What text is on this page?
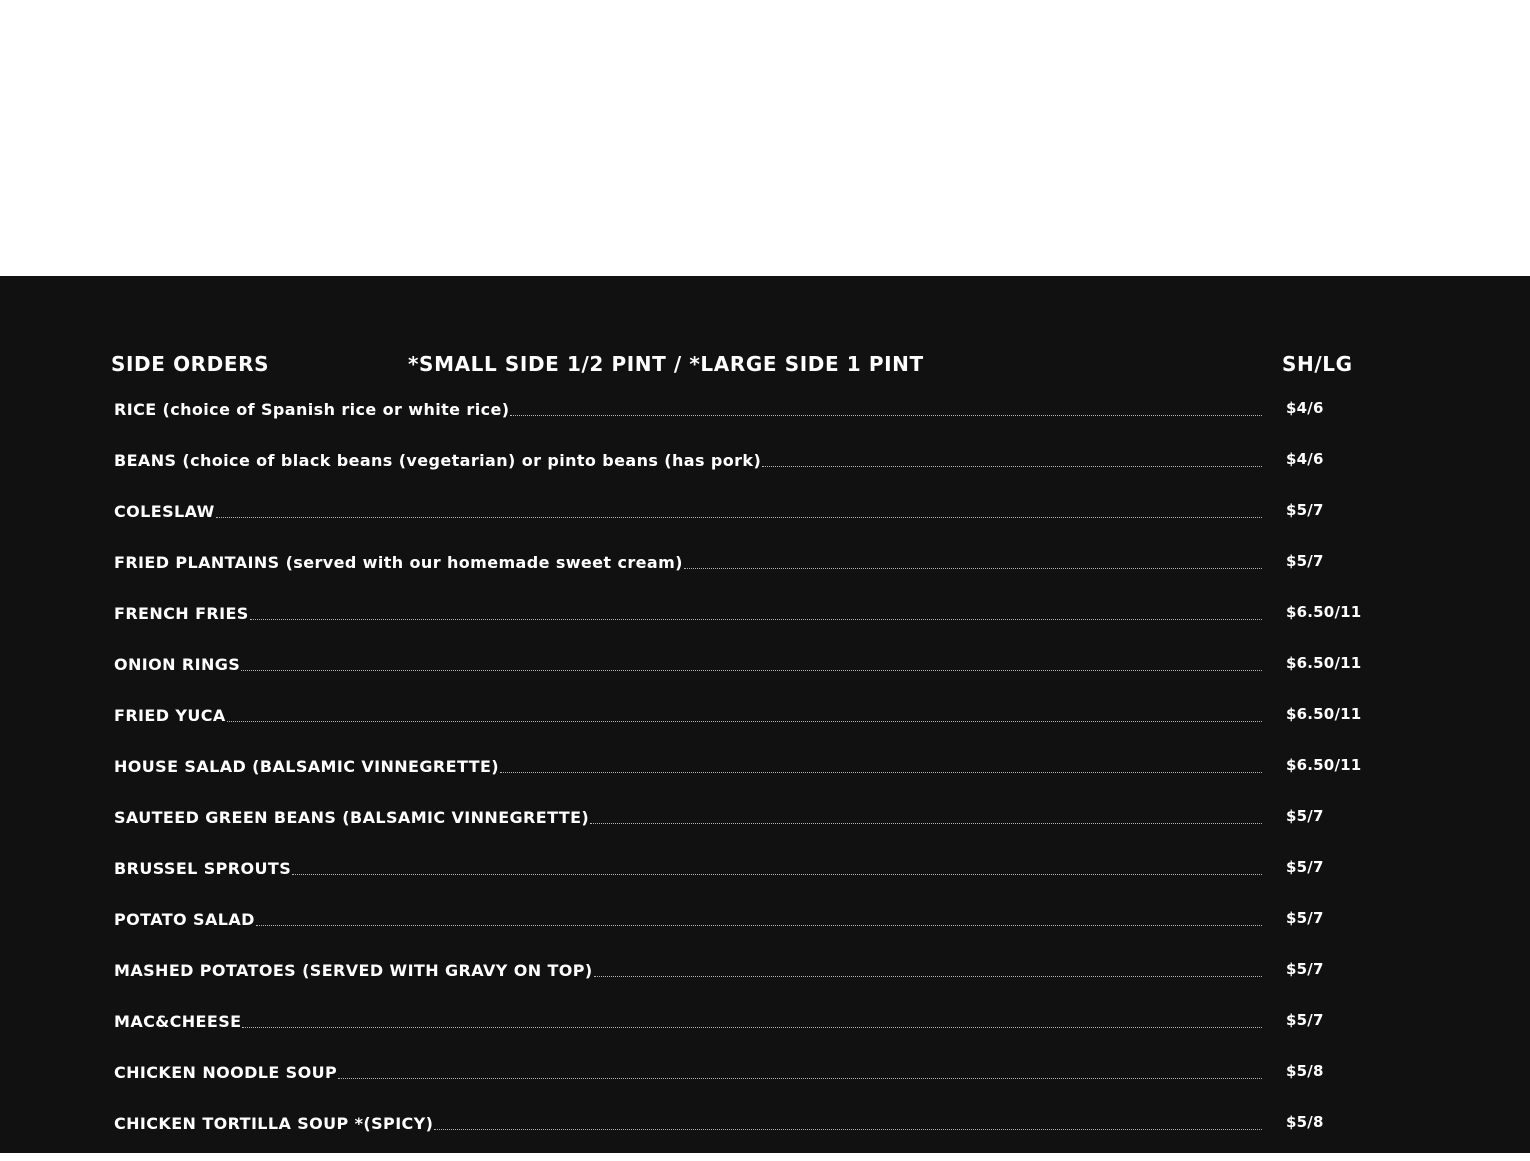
SIDE ORDERS	*SMALL SIDE 1/2 PINT / *LARGE SIDE 1 PINT	SH/LG
RICE (choice of Spanish rice or white rice)	$4/6
BEANS (choice of black beans (vegetarian) or pinto beans (has pork)	$4/6
COLESLAW	$5/7
FRIED PLANTAINS (served with our homemade sweet cream)	$5/7
FRENCH FRIES	$6.50/11
ONION RINGS	$6.50/11
FRIED YUCA	$6.50/11
HOUSE SALAD (BALSAMIC VINNEGRETTE)	$6.50/11
SAUTEED GREEN BEANS (BALSAMIC VINNEGRETTE)	$5/7
BRUSSEL SPROUTS	$5/7
POTATO SALAD	$5/7
MASHED POTATOES (SERVED WITH GRAVY ON TOP)	$5/7
MAC&CHEESE	$5/7
CHICKEN NOODLE SOUP	$5/8
CHICKEN TORTILLA SOUP *(SPICY)	$5/8
